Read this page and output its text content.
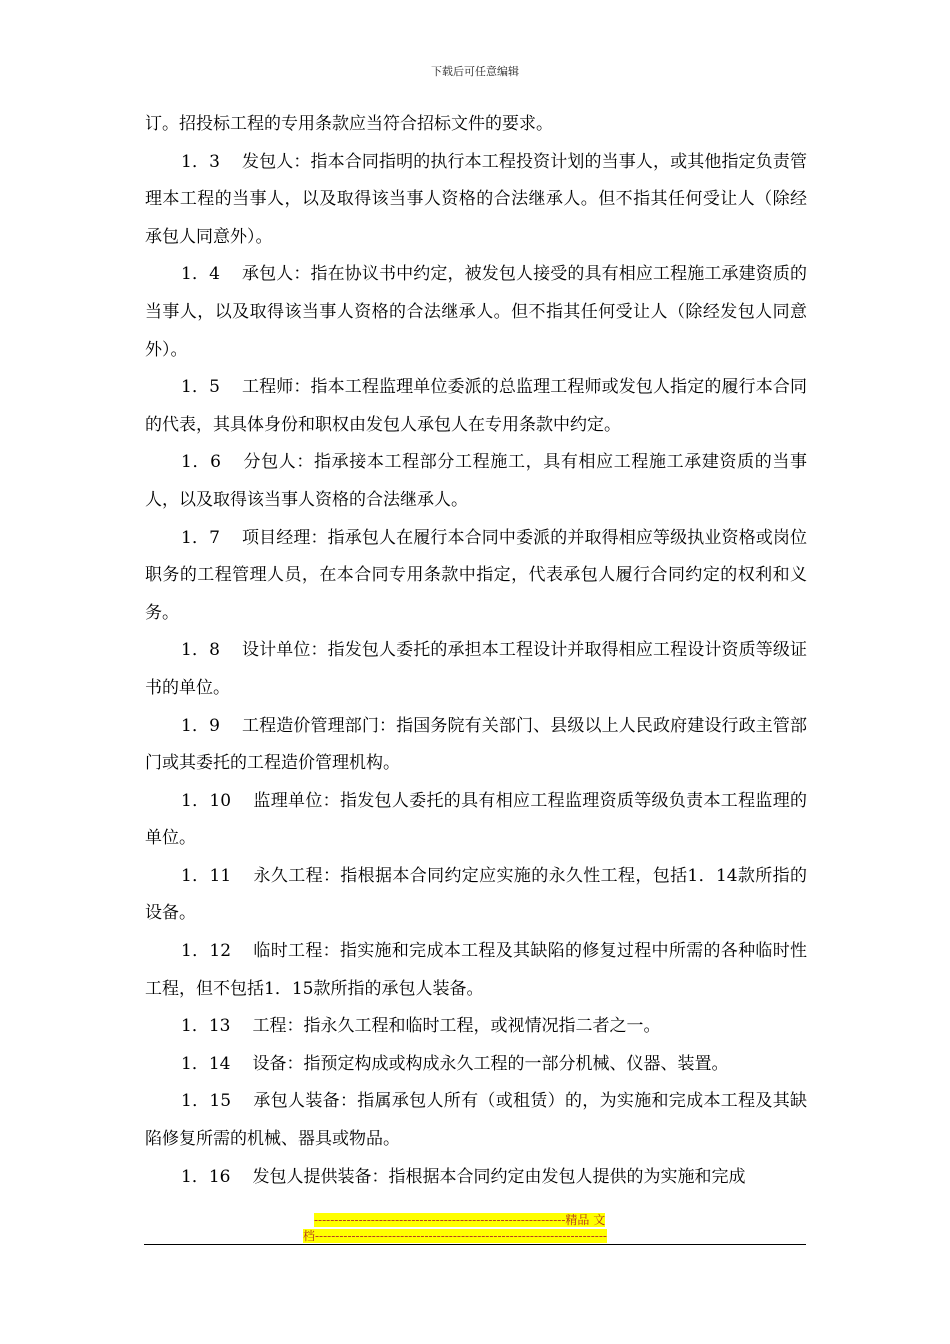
下载后可任意编辑

订。招投标工程的专用条款应当符合招标文件的要求。

1．3 发包人：指本合同指明的执行本工程投资计划的当事人，或其他指定负责管理本工程的当事人，以及取得该当事人资格的合法继承人。但不指其任何受让人（除经承包人同意外）。

1．4 承包人：指在协议书中约定，被发包人接受的具有相应工程施工承建资质的当事人，以及取得该当事人资格的合法继承人。但不指其任何受让人（除经发包人同意外）。

1．5 工程师：指本工程监理单位委派的总监理工程师或发包人指定的履行本合同的代表，其具体身份和职权由发包人承包人在专用条款中约定。

1．6 分包人：指承接本工程部分工程施工，具有相应工程施工承建资质的当事人，以及取得该当事人资格的合法继承人。

1．7 项目经理：指承包人在履行本合同中委派的并取得相应等级执业资格或岗位职务的工程管理人员，在本合同专用条款中指定，代表承包人履行合同约定的权利和义务。

1．8 设计单位：指发包人委托的承担本工程设计并取得相应工程设计资质等级证书的单位。

1．9 工程造价管理部门：指国务院有关部门、县级以上人民政府建设行政主管部门或其委托的工程造价管理机构。

1．10 监理单位：指发包人委托的具有相应工程监理资质等级负责本工程监理的单位。

1．11 永久工程：指根据本合同约定应实施的永久性工程，包括1．14款所指的设备。

1．12 临时工程：指实施和完成本工程及其缺陷的修复过程中所需的各种临时性工程，但不包括1．15款所指的承包人装备。

1．13 工程：指永久工程和临时工程，或视情况指二者之一。

1．14 设备：指预定构成或构成永久工程的一部分机械、仪器、装置。

1．15 承包人装备：指属承包人所有（或租赁）的，为实施和完成本工程及其缺陷修复所需的机械、器具或物品。

1．16 发包人提供装备：指根据本合同约定由发包人提供的为实施和完成

--------------------------------------------------------------精品 文
档------------------------------------------------------------------------
